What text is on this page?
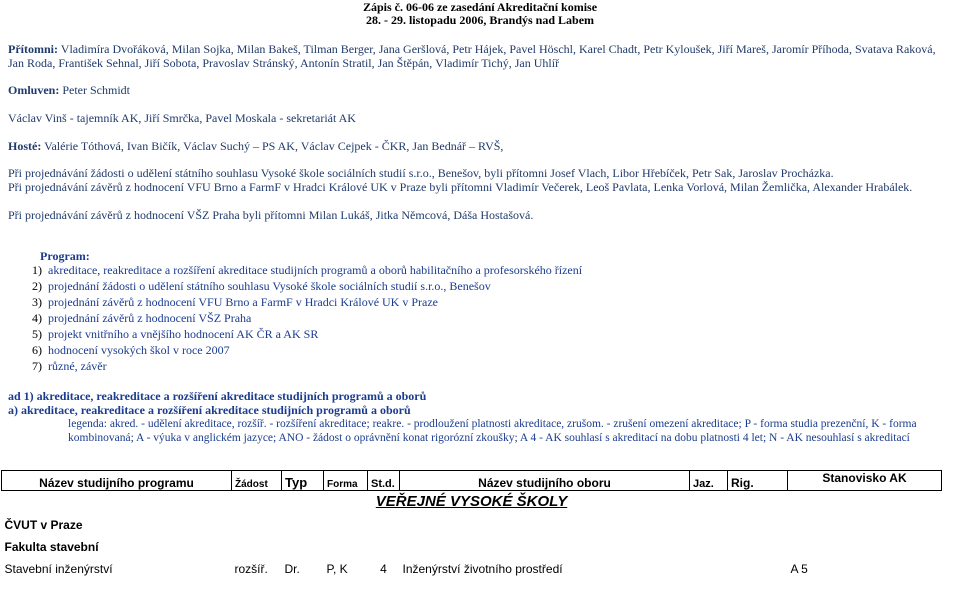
Zápis č. 06-06 ze zasedání Akreditační komise
28. - 29. listopadu 2006, Brandýs nad Labem
Přítomni: Vladimíra Dvořáková, Milan Sojka, Milan Bakeš, Tilman Berger, Jana Geršlová, Petr Hájek, Pavel Höschl, Karel Chadt, Petr Kyloušek, Jiří Mareš, Jaromír Příhoda, Svatava Raková,
Jan Roda, František Sehnal, Jiří Sobota, Pravoslav Stránský, Antonín Stratil, Jan Štěpán, Vladimír Tichý, Jan Uhlíř
Omluven: Peter Schmidt
Václav Vinš - tajemník AK, Jiří Smrčka, Pavel Moskala - sekretariát AK
Hosté: Valérie Tóthová, Ivan Bičík, Václav Suchý – PS AK, Václav Cejpek - ČKR, Jan Bednář – RVŠ,
Při projednávání žádosti o udělení státního souhlasu Vysoké škole sociálních studií s.r.o., Benešov, byli přítomni Josef Vlach, Libor Hřebíček, Petr Sak, Jaroslav Procházka.
Při projednávání závěrů z hodnocení VFU Brno a FarmF v Hradci Králové UK v Praze byli přítomni Vladimír Večerek, Leoš Pavlata, Lenka Vorlová, Milan Žemlička, Alexander Hrabálek.
Při projednávání závěrů z hodnocení VŠZ Praha byli přítomni Milan Lukáš, Jitka Němcová, Dáša Hostašová.
Program:
1) akreditace, reakreditace a rozšíření akreditace studijních programů a oborů habilitačního a profesorského řízení
2) projednání žádosti o udělení státního souhlasu Vysoké škole sociálních studií s.r.o., Benešov
3) projednání závěrů z hodnocení VFU Brno a FarmF v Hradci Králové UK v Praze
4) projednání závěrů z hodnocení VŠZ Praha
5) projekt vnitřního a vnějšího hodnocení AK ČR a AK SR
6) hodnocení vysokých škol v roce 2007
7) různé, závěr
ad 1) akreditace, reakreditace a rozšíření akreditace studijních programů a oborů
a) akreditace, reakreditace a rozšíření akreditace studijních programů a oborů
legenda: akred. - udělení akreditace, rozšíř. - rozšíření akreditace; reakre. - prodloužení platnosti akreditace, zrušom. - zrušení omezení akreditace; P - forma studia prezenční, K - forma kombinovaná; A - výuka v anglickém jazyce; ANO - žádost o oprávnění konat rigorózní zkoušky; A 4 - AK souhlasí s akreditací na dobu platnosti 4 let; N - AK nesouhlasí s akreditací
Název studijního programu	Žádost	Typ	Forma	St.d.	Název studijního oboru	Jaz.	Rig.	Stanovisko AK
VEŘEJNÉ VYSOKÉ ŠKOLY								
ČVUT v Praze								
Fakulta stavební								
Stavební inženýrství	rozšíř.	Dr.	P, K	4	Inženýrství životního prostředí			A 5
